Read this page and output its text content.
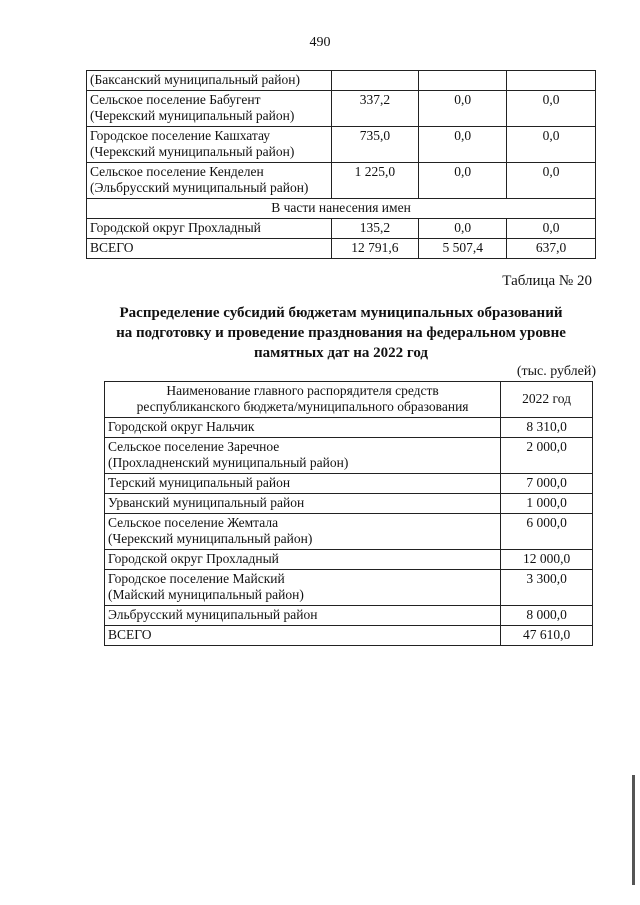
490
(Баксанский муниципальный район)			

Сельское поселение Бабугент
(Черекский муниципальный район)	337,2	0,0	0,0

Городское поселение Кашхатау
(Черекский муниципальный район)	735,0	0,0	0,0

Сельское поселение Кенделен
(Эльбрусский муниципальный район)	1 225,0	0,0	0,0
В части нанесения имен			

Городской округ Прохладный	135,2	0,0	0,0

ВСЕГО	12 791,6	5 507,4	637,0
Таблица № 20
Распределение субсидий бюджетам муниципальных образований
на подготовку и проведение празднования на федеральном уровне
памятных дат на 2022 год
(тыс. рублей)
Наименование главного распорядителя средств
республиканского бюджета/муниципального образования	2022 год

Городской округ Нальчик	8 310,0

Сельское поселение Заречное
(Прохладненский муниципальный район)	2 000,0

Терский муниципальный район	7 000,0

Урванский муниципальный район	1 000,0

Сельское поселение Жемтала
(Черекский муниципальный район)	6 000,0

Городской округ Прохладный	12 000,0

Городское поселение Майский
(Майский муниципальный район)	3 300,0

Эльбрусский муниципальный район	8 000,0

ВСЕГО	47 610,0
